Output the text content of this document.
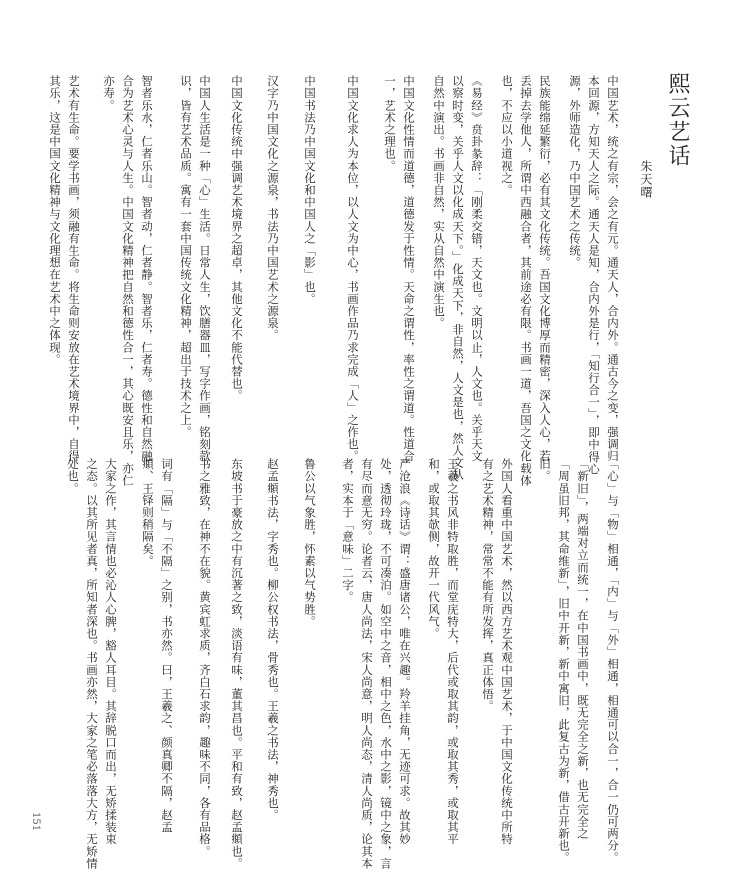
熙云艺话
朱天曙
中国艺术，统之有宗，会之有元。通天人，合内外。通古今之变，强调归
本回源，方知天人之际。通天人是知，合内外是行，「知行合一」，即中得心
源，外师造化，乃中国艺术之传统。
民族能绵延繁衍，必有其文化传统。吾国文化博厚而精密，深入人心，若
丢掉去学他人，所谓中西融合者，其前途必有限。书画一道，吾国之文化载体
也，不应以小道视之。
《易经》贲卦彖辞：「刚柔交错，天文也。文明以止，人文也。关乎天文
以察时变，关乎人文以化成天下。」化成天下，非自然，人文是也，然人文从
自然中演出。书画非自然，实从自然中演生也。
中国文化性情而道德，道德发于性情。天命之谓性，率性之谓道。性道合
一，艺术之理也。
中国文化求人为本位，以人文为中心，书画作品乃求完成「人」之作也。
中国书法乃中国文化和中国人之「影」也。
汉字乃中国文化之源泉，书法乃中国艺术之源泉。
中国文化传统中强调艺术境界之超卓，其他文化不能代替也。
中国人生活是一种「心」生活。日常人生，饮膳器皿，写字作画，铭刻款
识，皆有艺术品质。寓有一套中国传统文化精神，超出于技术之上。
智者乐水，仁者乐山。智者动，仁者静。智者乐，仁者寿。德性和自然融
合为艺术心灵与人生。中国文化精神把自然和德性合一，其心既安且乐，亦仁
亦寿。
艺术有生命。要学书画，须融有生命。将生命则安放在艺术境界中，自得
其乐，这是中国文化精神与文化理想在艺术中之体现。
「心」与「物」相通，「内」与「外」相通，相通可以合一，合一仍可两分。
「新旧」，两端对立而统一，在中国书画中，既无完全之新，也无完全之
「周虽旧邦，其命维新」，旧中开新，新中寓旧，此复古为新，借古开新也。
旧。
外国人看重中国艺术，然以西方艺术观中国艺术，于中国文化传统中所特
有之艺术精神，常常不能有所发挥，真正体悟。
王羲之书风非特取胜，而堂庑特大，后代或取其韵，或取其秀，或取其平
和，或取其欹侧，故开一代风气。
严沧浪《诗话》谓：盛唐诸公，唯在兴趣。羚羊挂角，无迹可求。故其妙
处，透彻玲珑，不可凑泊。如空中之音，相中之色，水中之影，镜中之象，言
有尽而意无穷。论者云，唐人尚法，宋人尚意，明人尚态，清人尚质，论其本
者，实本于「意味」二字。
鲁公以气象胜，怀素以气势胜。
赵孟頫书法，字秀也。柳公权书法，骨秀也。王羲之书法，神秀也。
东坡书于豪放之中有沉著之致，淡语有味，董其昌也。平和有致，赵孟頫也。
书之雅致，在神不在貌。黄宾虹求质，齐白石求韵，趣味不同，各有品格。
词有「隔」与「不隔」之别，书亦然。曰，王羲之、颜真卿不隔，赵孟
頫、王铎则稍隔矣。
大家之作，其言情也必沁人心脾，豁人耳目。其辞脱口而出，无矫揉装束
之态。以其所见者真，所知者深也。书画亦然，大家之笔必落落大方，无矫情
处也。
151
